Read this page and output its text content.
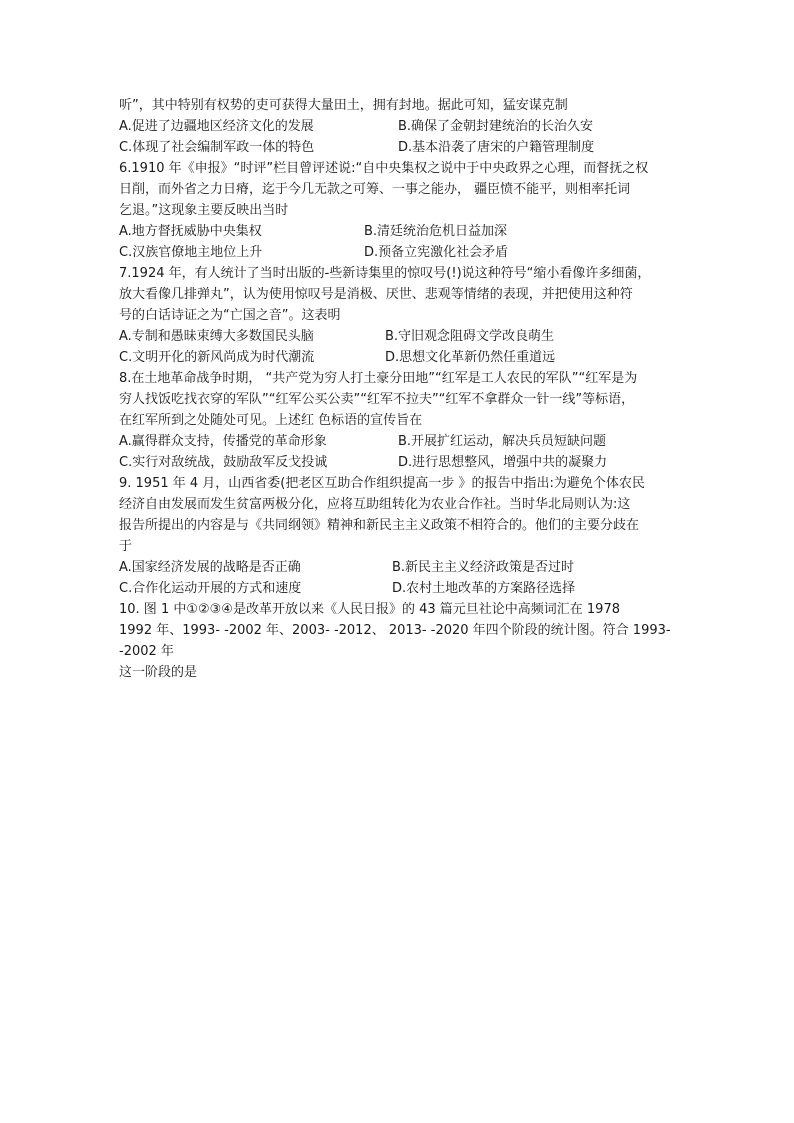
听”，其中特别有权势的吏可获得大量田土，拥有封地。据此可知，猛安谋克制
A.促进了边疆地区经济文化的发展	B.确保了金朝封建统治的长治久安
C.体现了社会编制军政一体的特色	D.基本沿袭了唐宋的户籍管理制度
6.1910 年《申报》“时评”栏目曾评述说:“自中央集权之说中于中央政界之心理，而督抚之权
日削，而外省之力日瘠，迄于今几无款之可筹、一事之能办， 疆臣愤不能平，则相率托词
乞退。”这现象主要反映出当时
A.地方督抚威胁中央集权	B.清廷统治危机日益加深
C.汉族官僚地主地位上升	D.预备立宪激化社会矛盾
7.1924 年，有人统计了当时出版的-些新诗集里的惊叹号(!)说这种符号“缩小看像许多细菌，
放大看像几排弹丸”，认为使用惊叹号是消极、厌世、悲观等情绪的表现，并把使用这种符
号的白话诗证之为“亡国之音”。这表明
A.专制和愚昧束缚大多数国民头脑	B.守旧观念阻碍文学改良萌生
C.文明开化的新风尚成为时代潮流	D.思想文化革新仍然任重道远
8.在土地革命战争时期， “共产党为穷人打土豪分田地”“红军是工人农民的军队”“红军是为
穷人找饭吃找衣穿的军队”“红军公买公卖”“红军不拉夫”“红军不拿群众一针一线”等标语，
在红军所到之处随处可见。上述红 色标语的宣传旨在
A.赢得群众支持，传播党的革命形象	B.开展扩红运动，解决兵员短缺问题
C.实行对敌统战，鼓励敌军反戈投诚	D.进行思想整风，增强中共的凝聚力
9. 1951 年 4 月，山西省委(把老区互助合作组织提高一步 》的报告中指出:为避免个体农民
经济自由发展而发生贫富两极分化，应将互助组转化为农业合作社。当时华北局则认为:这
报告所提出的内容是与《共同纲领》精神和新民主主义政策不相符合的。他们的主要分歧在
于
A.国家经济发展的战略是否正确	B.新民主主义经济政策是否过时
C.合作化运动开展的方式和速度	D.农村土地改革的方案路径选择
10. 图 1 中①②③④是改革开放以来《人民日报》的 43 篇元旦社论中高频词汇在 1978
1992 年、1993- -2002 年、2003- -2012、 2013- -2020 年四个阶段的统计图。符合 1993-
-2002 年
这一阶段的是
